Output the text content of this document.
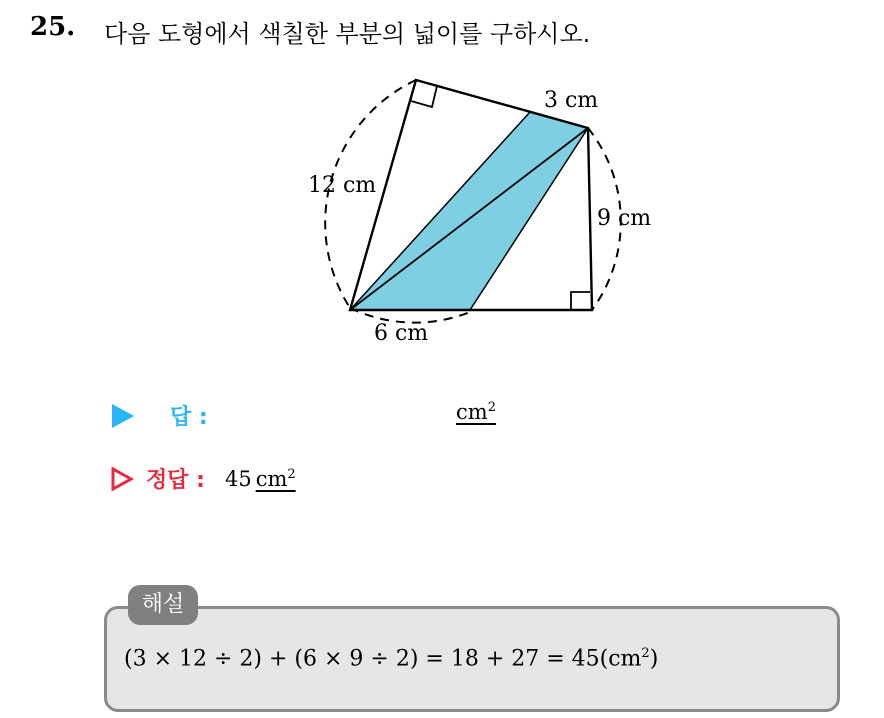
25. 다음 도형에서 색칠한 부분의 넓이를 구하시오.
3 cm
12 cm
9 cm
6 cm
답 :	$cm^2$
정답 : 45 $cm^2$
해설
$(3 \times 12 \div 2) + (6 \times 9 \div 2) = 18 + 27 = 45(cm^2)$
